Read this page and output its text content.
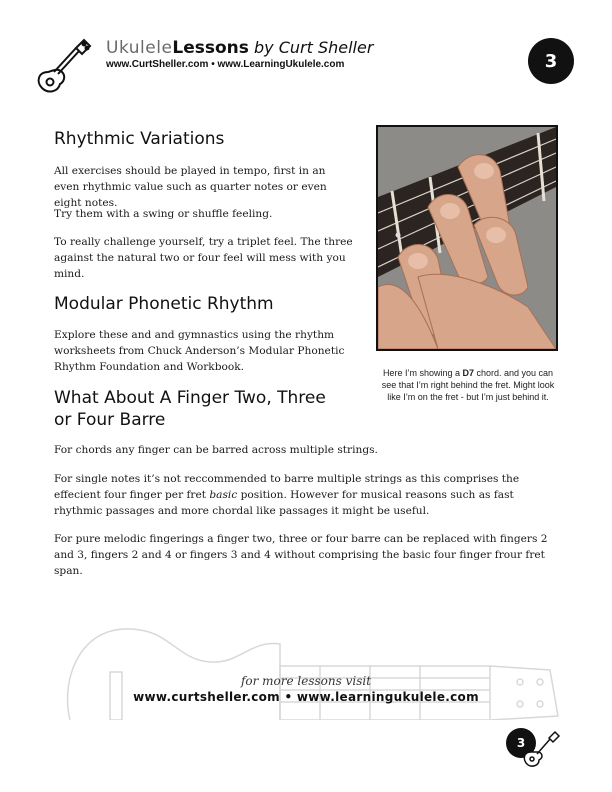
UkuleleLessons by Curt Sheller
www.CurtSheller.com • www.LearningUkulele.com	3
Rhythmic Variations

All exercises should be played in tempo, first in an even rhythmic value such as quarter notes or even eight notes.

Try them with a swing or shuffle feeling.

To really challenge yourself, try a triplet feel. The three against the natural two or four feel will mess with you mind.

Modular Phonetic Rhythm

Explore these and and gymnastics using the rhythm worksheets from Chuck Anderson’s Modular Phonetic Rhythm Foundation and Workbook.

What About A Finger Two, Three
or Four Barre

For chords any finger can be barred across multiple strings.

For single notes it’s not reccommended to barre multiple strings as this comprises the effecient four finger per fret basic position. However for musical reasons such as fast rhythmic passages and more chordal like passages it might be useful.

For pure melodic fingerings a finger two, three or four barre can be replaced with fingers 2 and 3, fingers 2 and 4 or fingers 3 and 4 without comprising the basic four finger frour fret span.

Here I’m showing a D7 chord. and you can see that I’m right behind the fret. Might look like I’m on the fret - but I’m just behind it.
for more lessons visit
www.curtsheller.com • www.learningukulele.com
3
